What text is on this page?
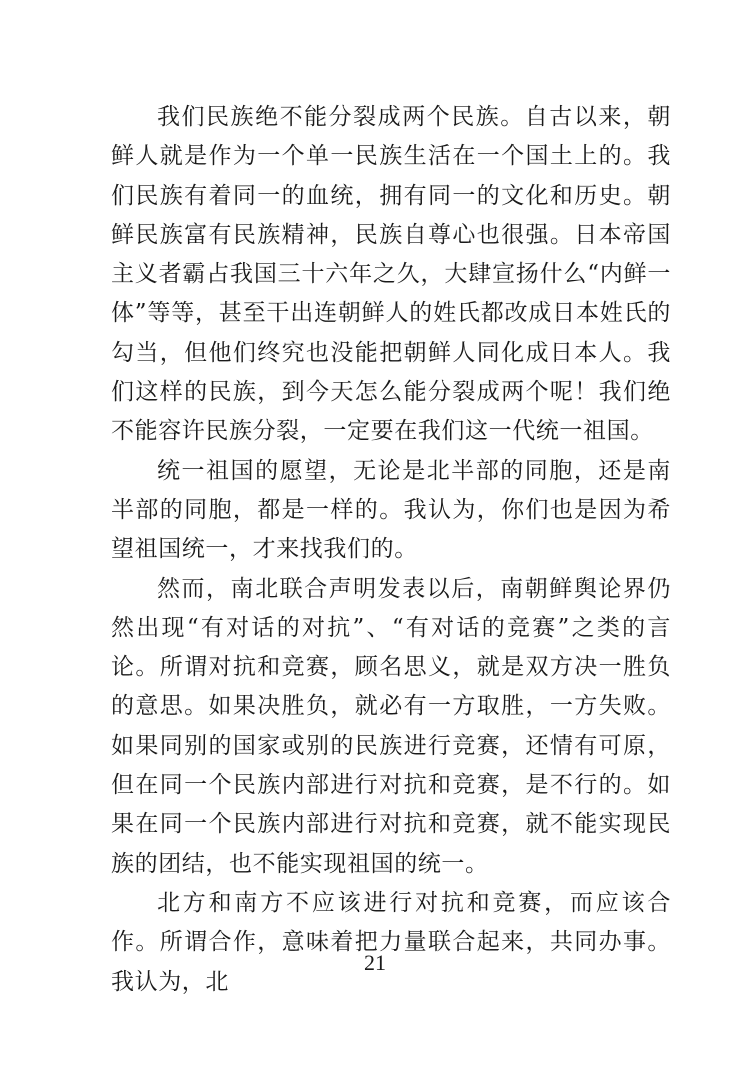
我们民族绝不能分裂成两个民族。自古以来，朝鲜人就是作为一个单一民族生活在一个国土上的。我们民族有着同一的血统，拥有同一的文化和历史。朝鲜民族富有民族精神，民族自尊心也很强。日本帝国主义者霸占我国三十六年之久，大肆宣扬什么“内鲜一体”等等，甚至干出连朝鲜人的姓氏都改成日本姓氏的勾当，但他们终究也没能把朝鲜人同化成日本人。我们这样的民族，到今天怎么能分裂成两个呢！我们绝不能容许民族分裂，一定要在我们这一代统一祖国。

统一祖国的愿望，无论是北半部的同胞，还是南半部的同胞，都是一样的。我认为，你们也是因为希望祖国统一，才来找我们的。

然而，南北联合声明发表以后，南朝鲜舆论界仍然出现“有对话的对抗”、“有对话的竞赛”之类的言论。所谓对抗和竞赛，顾名思义，就是双方决一胜负的意思。如果决胜负，就必有一方取胜，一方失败。如果同别的国家或别的民族进行竞赛，还情有可原，但在同一个民族内部进行对抗和竞赛，是不行的。如果在同一个民族内部进行对抗和竞赛，就不能实现民族的团结，也不能实现祖国的统一。

北方和南方不应该进行对抗和竞赛，而应该合作。所谓合作，意味着把力量联合起来，共同办事。我认为，北

21
